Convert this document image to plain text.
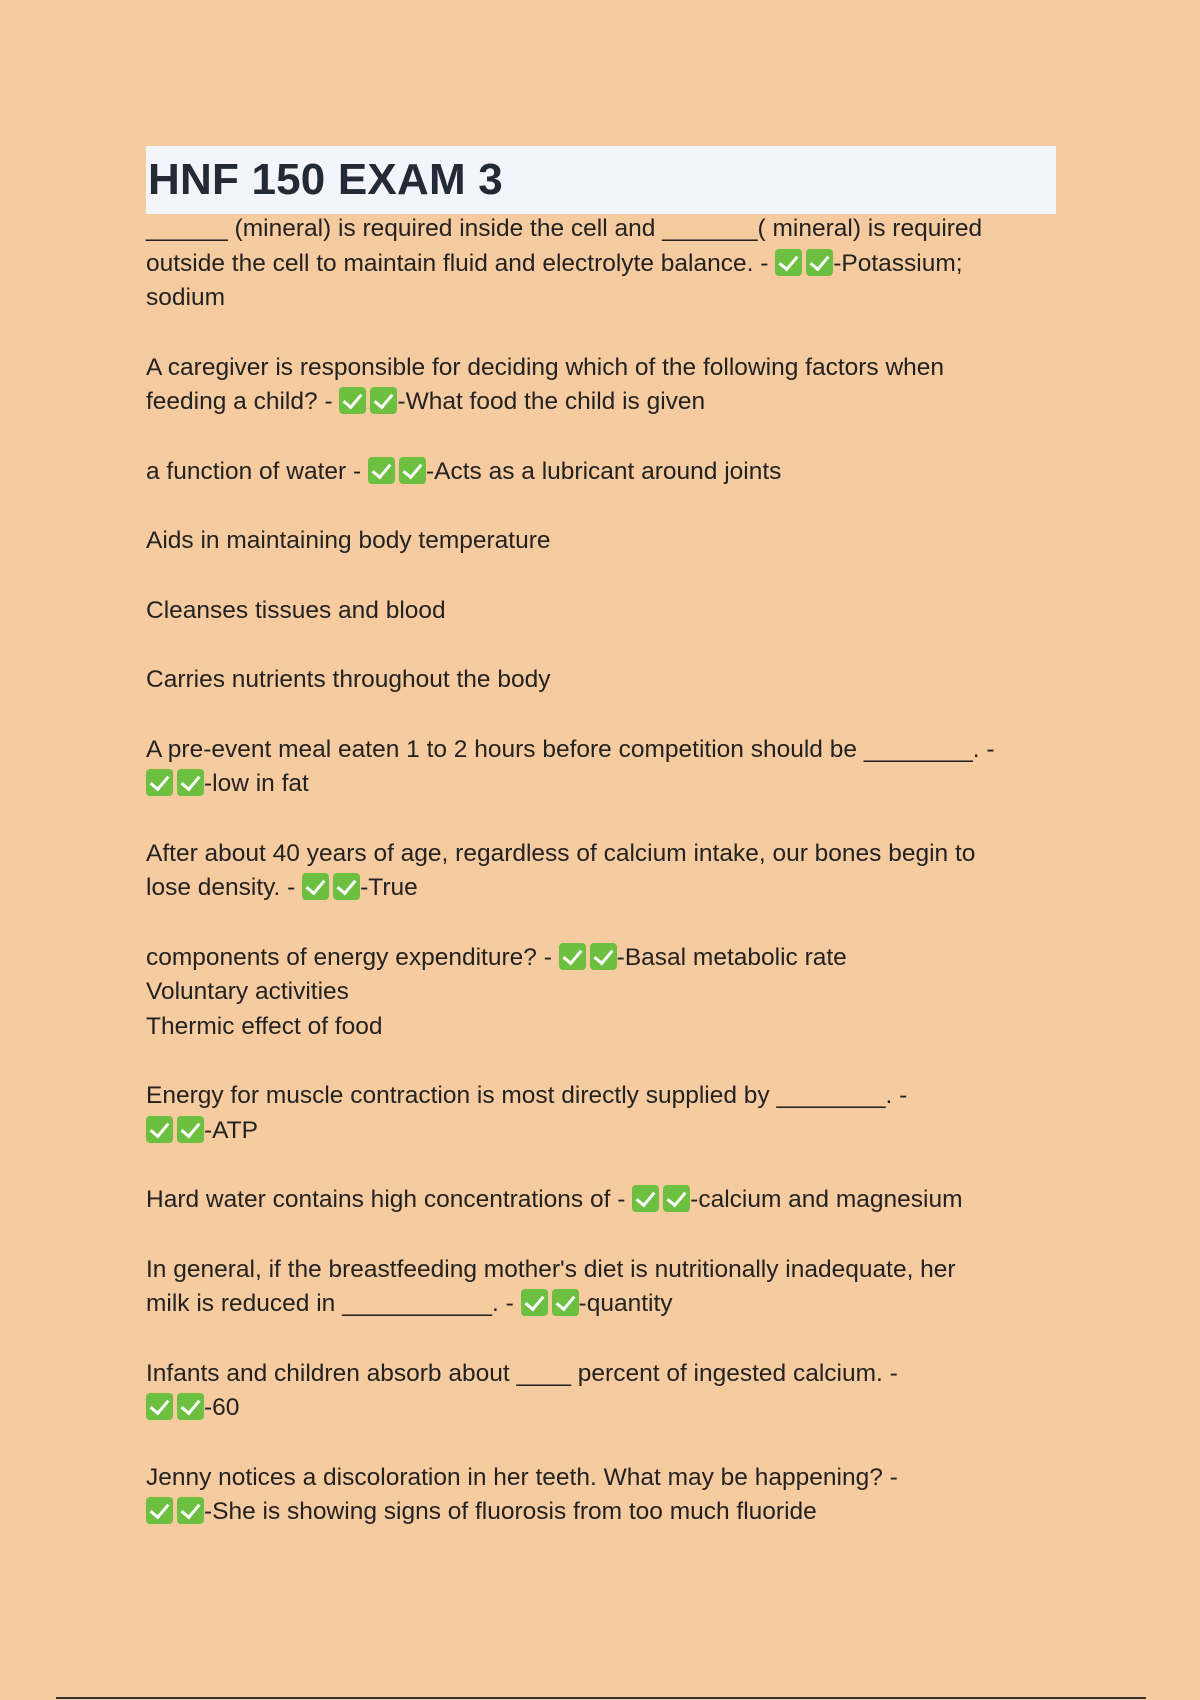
HNF 150 EXAM 3
______ (mineral) is required inside the cell and _______( mineral) is required
outside the cell to maintain fluid and electrolyte balance. - -Potassium;
sodium
A caregiver is responsible for deciding which of the following factors when
feeding a child? - -What food the child is given
a function of water - -Acts as a lubricant around joints
Aids in maintaining body temperature
Cleanses tissues and blood
Carries nutrients throughout the body
A pre-event meal eaten 1 to 2 hours before competition should be ________. -
-low in fat
After about 40 years of age, regardless of calcium intake, our bones begin to
lose density. - -True
components of energy expenditure? - -Basal metabolic rate
Voluntary activities
Thermic effect of food
Energy for muscle contraction is most directly supplied by ________. -
-ATP
Hard water contains high concentrations of - -calcium and magnesium
In general, if the breastfeeding mother's diet is nutritionally inadequate, her
milk is reduced in ___________. - -quantity
Infants and children absorb about ____ percent of ingested calcium. -
-60
Jenny notices a discoloration in her teeth. What may be happening? -
-She is showing signs of fluorosis from too much fluoride
